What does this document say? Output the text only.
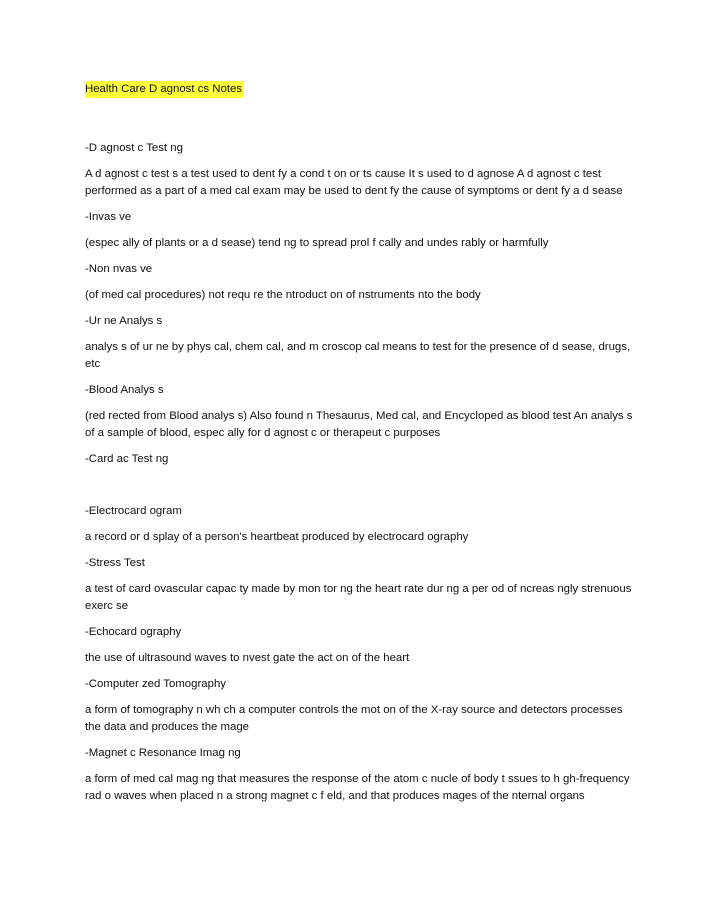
Health Care D agnost cs Notes

-D agnost c Test ng

A d agnost c test s a test used to dent fy a cond t on or ts cause It s used to d agnose A d agnost c test performed as a part of a med cal exam may be used to dent fy the cause of symptoms or dent fy a d sease

-Invas ve

(espec ally of plants or a d sease) tend ng to spread prol f cally and undes rably or harmfully

-Non nvas ve

(of med cal procedures) not requ re the ntroduct on of nstruments nto the body

-Ur ne Analys s

analys s of ur ne by phys cal, chem cal, and m croscop cal means to test for the presence of d sease, drugs, etc

-Blood Analys s

(red rected from Blood analys s) Also found n Thesaurus, Med cal, and Encycloped as blood test An analys s of a sample of blood, espec ally for d agnost c or therapeut c purposes

-Card ac Test ng

-Electrocard ogram

a record or d splay of a person's heartbeat produced by electrocard ography

-Stress Test

a test of card ovascular capac ty made by mon tor ng the heart rate dur ng a per od of ncreas ngly strenuous exerc se

-Echocard ography

the use of ultrasound waves to nvest gate the act on of the heart

-Computer zed Tomography

a form of tomography n wh ch a computer controls the mot on of the X-ray source and detectors processes the data and produces the mage

-Magnet c Resonance Imag ng

a form of med cal mag ng that measures the response of the atom c nucle of body t ssues to h gh-frequency rad o waves when placed n a strong magnet c f eld, and that produces mages of the nternal organs
